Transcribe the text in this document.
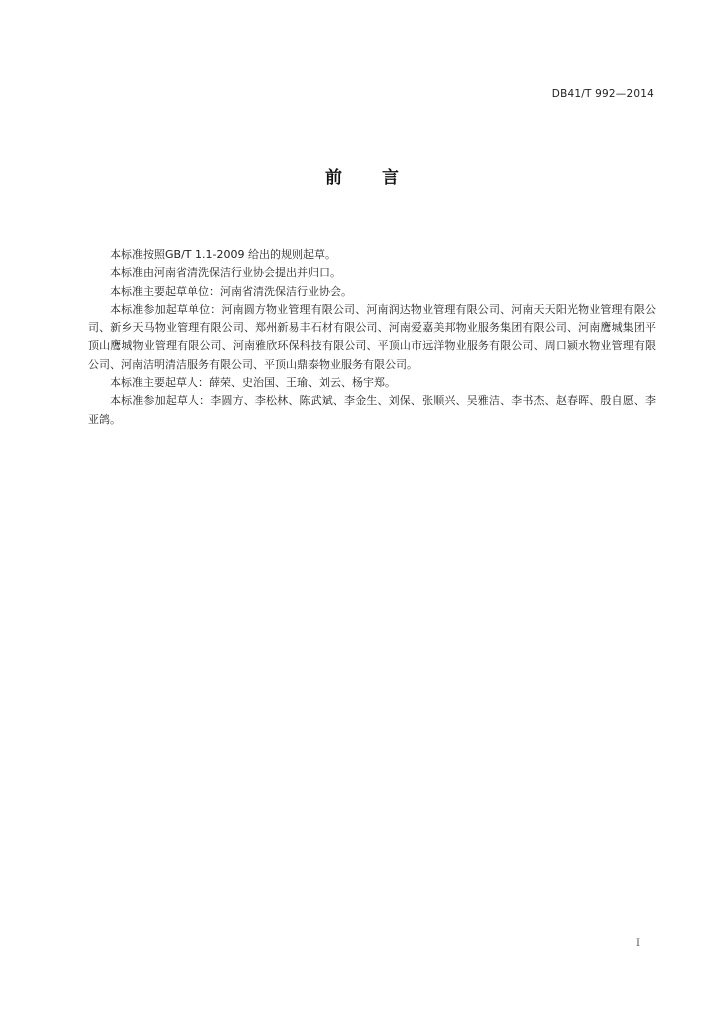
DB41/T 992—2014
前 言

本标准按照GB/T 1.1-2009 给出的规则起草。

本标准由河南省清洗保洁行业协会提出并归口。

本标准主要起草单位：河南省清洗保洁行业协会。

本标准参加起草单位：河南圆方物业管理有限公司、河南润达物业管理有限公司、河南天天阳光物业管理有限公司、新乡天马物业管理有限公司、郑州新易丰石材有限公司、河南爱嘉美邦物业服务集团有限公司、河南鹰城集团平顶山鹰城物业管理有限公司、河南雅欣环保科技有限公司、平顶山市远洋物业服务有限公司、周口颍水物业管理有限公司、河南洁明清洁服务有限公司、平顶山鼎泰物业服务有限公司。

本标准主要起草人：薛荣、史治国、王瑜、刘云、杨宇郑。

本标准参加起草人：李圆方、李松林、陈武斌、李金生、刘保、张顺兴、吴雅洁、李书杰、赵春晖、殷自愿、李亚鸽。

I
